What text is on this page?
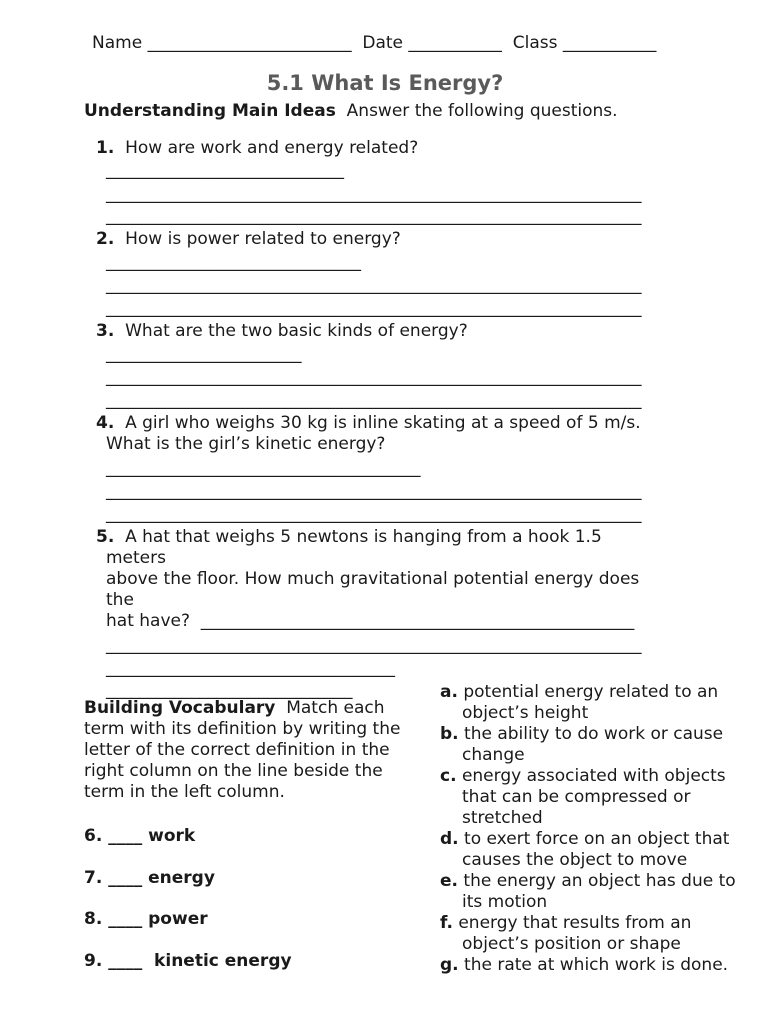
Name ________________________ Date ___________ Class ___________
5.1 What Is Energy?
Understanding Main Ideas Answer the following questions.
1. How are work and energy related?
____________________________
_______________________________________________________________
_______________________________________________________________
2. How is power related to energy?
______________________________
_______________________________________________________________
_______________________________________________________________
3. What are the two basic kinds of energy?
_______________________
_______________________________________________________________
_______________________________________________________________
4. A girl who weighs 30 kg is inline skating at a speed of 5 m/s.
What is the girl’s kinetic energy?
_____________________________________
_______________________________________________________________
_______________________________________________________________
5. A hat that weighs 5 newtons is hanging from a hook 1.5
meters
above the floor. How much gravitational potential energy does
the
hat have?  ___________________________________________________
_______________________________________________________________
__________________________________
_____________________________
Building Vocabulary Match each term with its definition by writing the letter of the correct definition in the right column on the line beside the term in the left column.
6. ____ work
7. ____ energy
8. ____ power
9. ____  kinetic energy
a. potential energy related to an object’s height
b. the ability to do work or cause change
c. energy associated with objects that can be compressed or stretched
d. to exert force on an object that causes the object to move
e. the energy an object has due to its motion
f. energy that results from an object’s position or shape
g. the rate at which work is done.
